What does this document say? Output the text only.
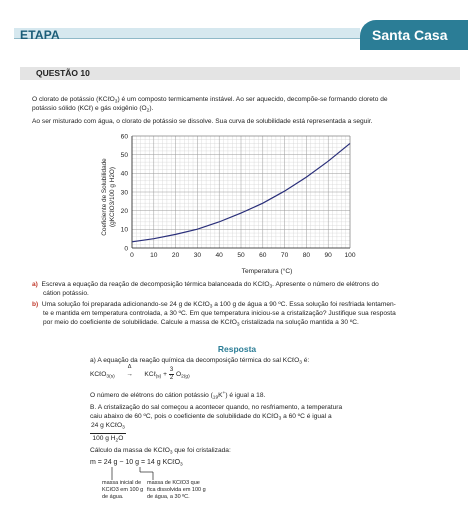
ETAPA	Santa Casa
QUESTÃO 10
O clorato de potássio (KCℓO$_3$) é um composto termicamente instável. Ao ser aquecido, decompõe-se formando cloreto de
potássio sólido (KCℓ) e gás oxigênio $(O_2)$.
Ao ser misturado com água, o clorato de potássio se dissolve. Sua curva de solubilidade está representada a seguir.
0 10 20 30 40 50 60 70 80 90 100
0
10
20
30
40
50
60
Temperatura (°C)
Coeficiente de Solubilidade (gKCℓO3/100 g H2O)
a) Escreva a equação da reação de decomposição térmica balanceada do KCℓO$_3$. Apresente o número de elétrons do
cátion potássio.
b) Uma solução foi preparada adicionando-se 24 g de KCℓO$_3$ a 100 g de água a 90 ºC. Essa solução foi resfriada lentamen-
te e mantida em temperatura controlada, a 30 ºC. Em que temperatura iniciou-se a cristalização? Justifique sua resposta
por meio do coeficiente de solubilidade. Calcule a massa de KCℓO$_3$ cristalizada na solução mantida a 30 ºC.
Resposta
a) A equação da reação química da decomposição térmica do sal KCℓO$_3$ é:
KCℓO$_{3(s)}$
Δ
→ KCℓ$_{(s)}$ + $\frac{3}{2} O_{2(g)}$
O número de elétrons do cátion potássio $(_{19}K^+)$ é igual a 18.
B. A cristalização do sal começou a acontecer quando, no resfriamento, a temperatura
caiu abaixo de 60 ºC, pois o coeficiente de solubilidade do KCℓO$_3$ a 60 ºC é igual a
$\frac{24 g KC\ell O_3}{100 g H_2O}$
Cálculo da massa de KCℓO$_3$ que foi cristalizada:
m = 24 g − 10 g = 14 g KCℓO$_3$
massa inicial de
KCℓO3 em 100 g
de água.
massa de KCℓO3 que
fica dissolvida em 100 g
de água, a 30 ºC.
